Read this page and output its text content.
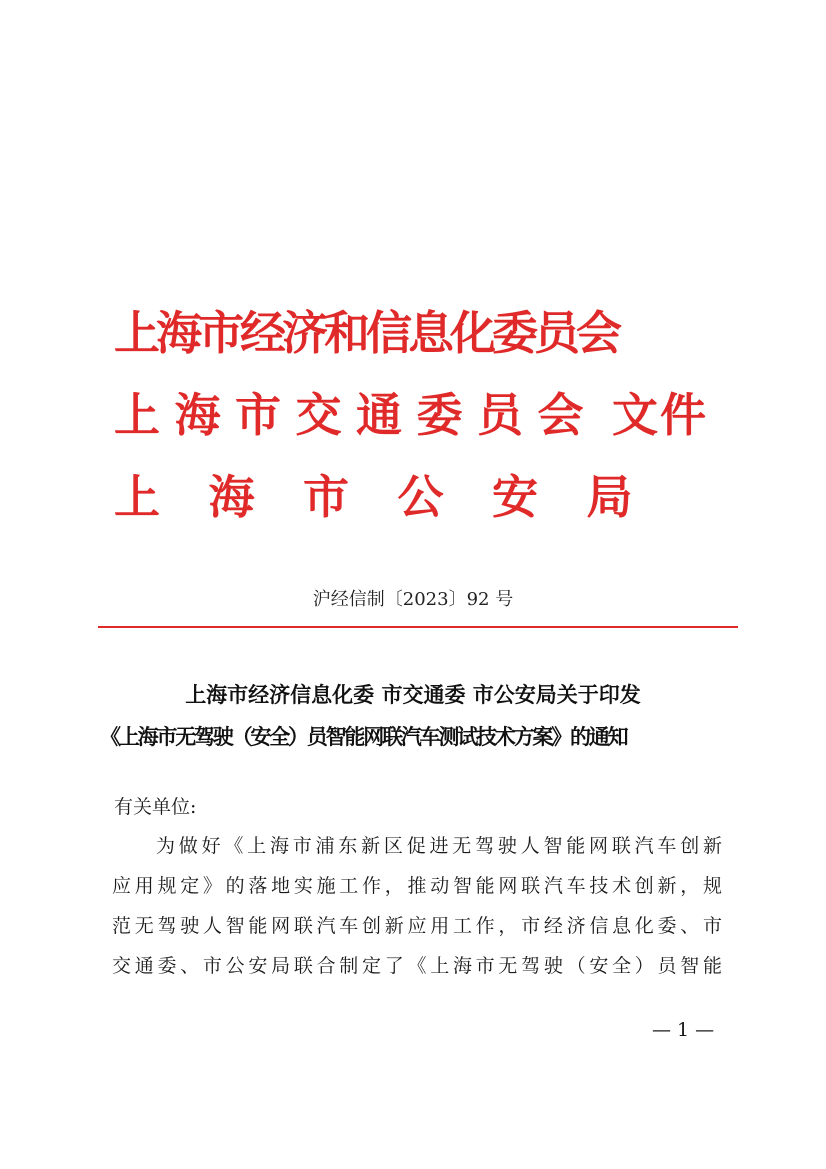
上海市经济和信息化委员会
上 海 市 交 通 委 员 会 文件
上 海 市 公 安 局
沪经信制〔2023〕92 号
上海市经济信息化委 市交通委 市公安局关于印发
《上海市无驾驶（安全）员智能网联汽车测试技术方案》的通知
有关单位:
为做好《上海市浦东新区促进无驾驶人智能网联汽车创新
应用规定》的落地实施工作，推动智能网联汽车技术创新，规
范无驾驶人智能网联汽车创新应用工作，市经济信息化委、市
交通委、市公安局联合制定了《上海市无驾驶（安全）员智能
— 1 —
